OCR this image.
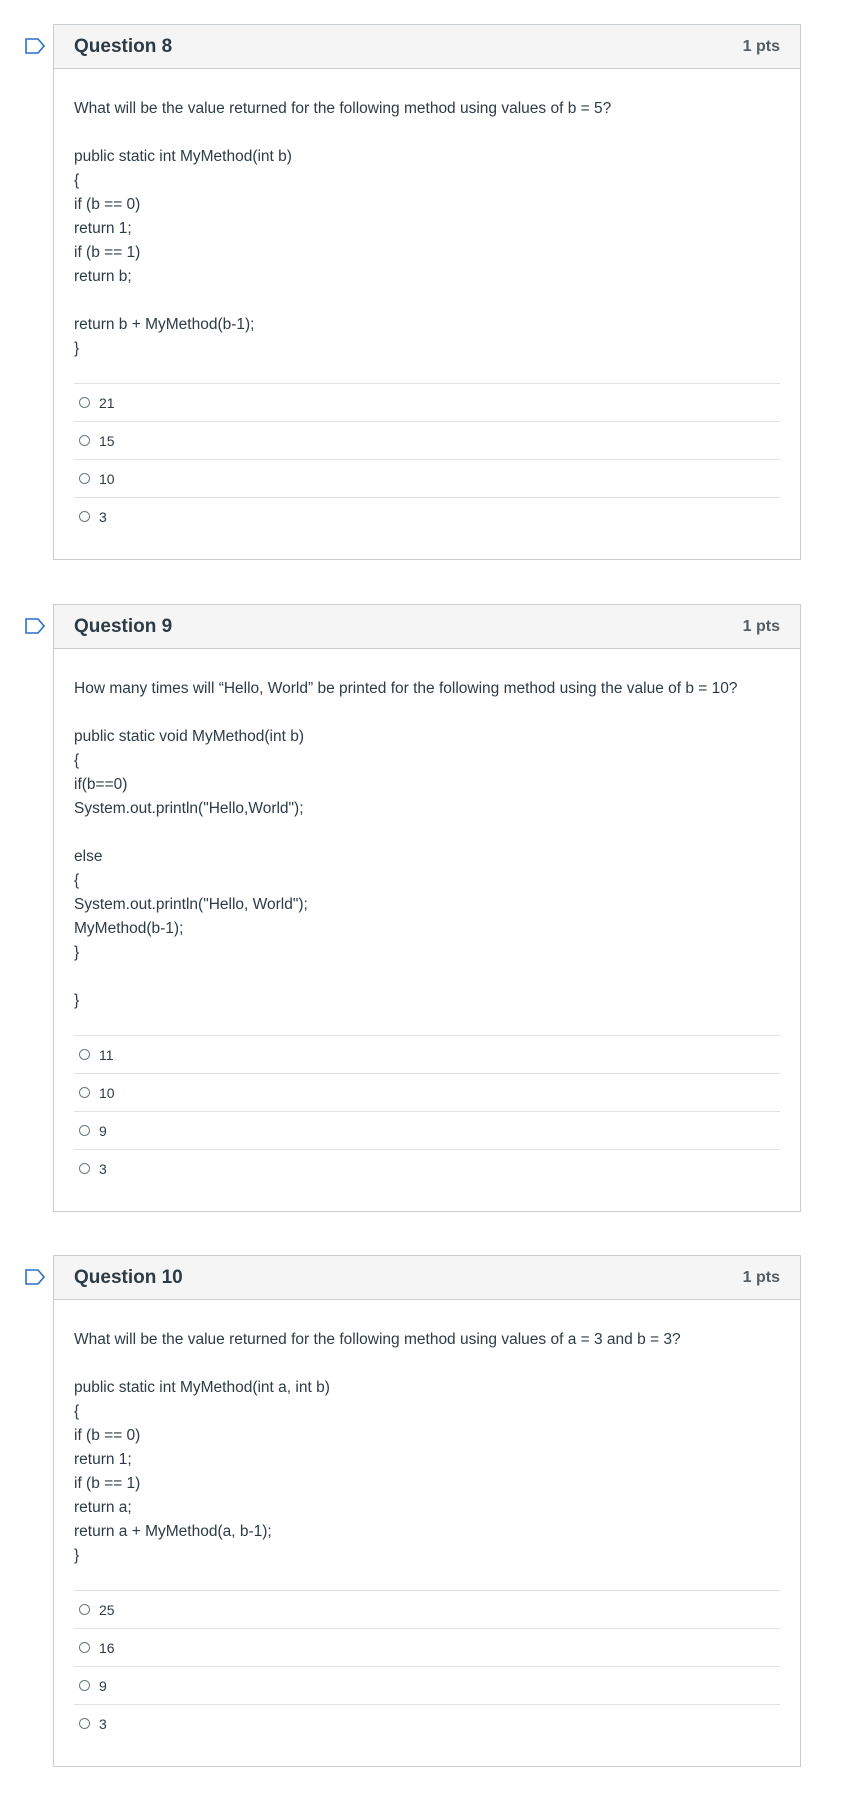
Question 8	1 pts

What will be the value returned for the following method using values of b = 5?

public static int MyMethod(int b)
{
if (b == 0)
return 1;
if (b == 1)
return b;
return b + MyMethod(b-1);
}
21
15
10
3
Question 9	1 pts

How many times will “Hello, World” be printed for the following method using the value of b = 10?

public static void MyMethod(int b)
{
if(b==0)
System.out.println("Hello,World");
else
{
System.out.println("Hello, World");
MyMethod(b-1);
}
}
11
10
9
3
Question 10	1 pts

What will be the value returned for the following method using values of a = 3 and b = 3?

public static int MyMethod(int a, int b)
{
if (b == 0)
return 1;
if (b == 1)
return a;
return a + MyMethod(a, b-1);
}
25
16
9
3
